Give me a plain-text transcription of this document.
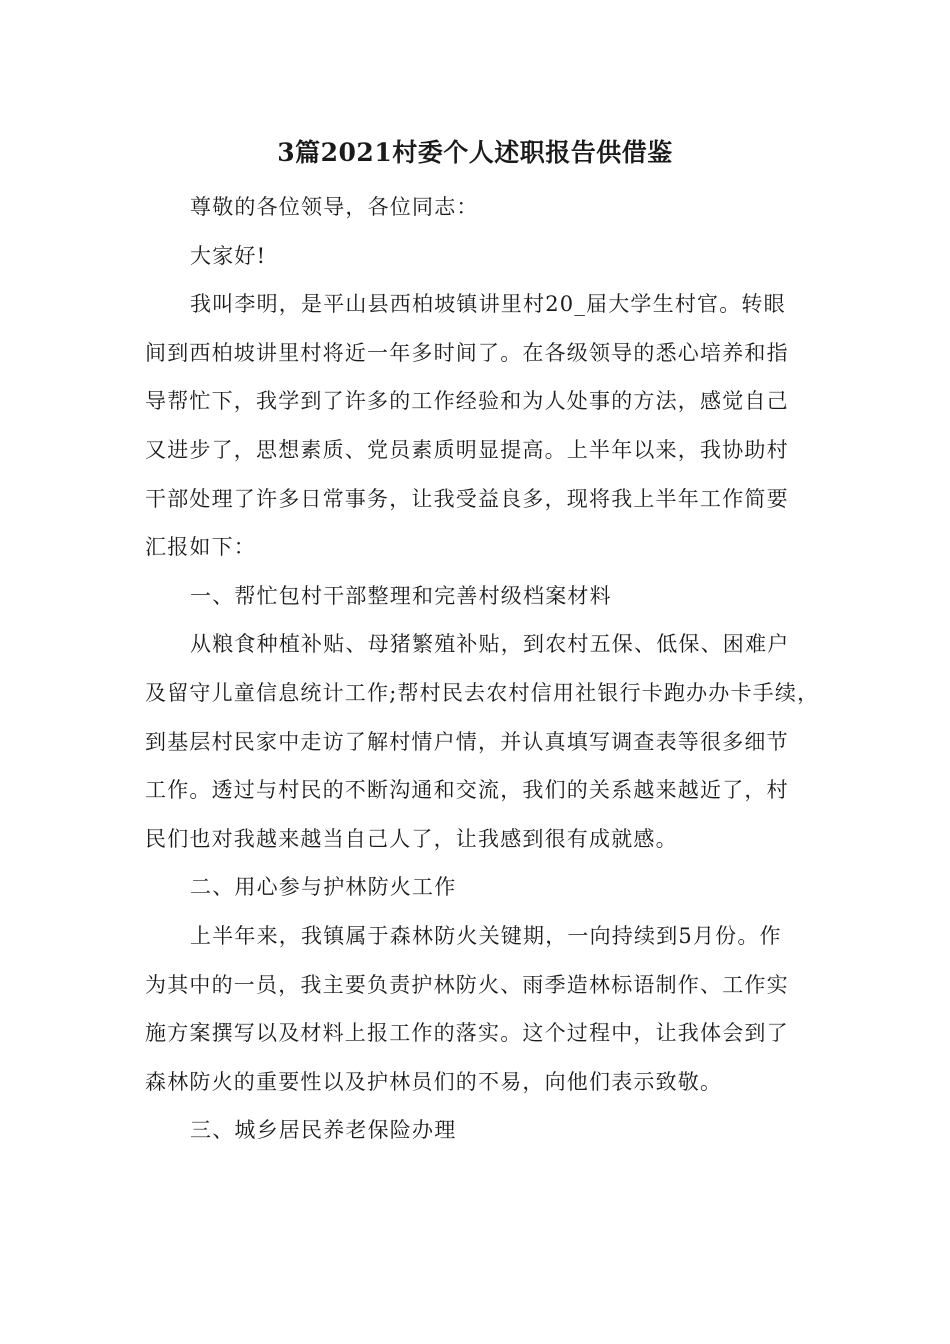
3篇2021村委个人述职报告供借鉴
尊敬的各位领导，各位同志：
大家好!
我叫李明，是平山县西柏坡镇讲里村20_届大学生村官。转眼
间到西柏坡讲里村将近一年多时间了。在各级领导的悉心培养和指
导帮忙下，我学到了许多的工作经验和为人处事的方法，感觉自己
又进步了，思想素质、党员素质明显提高。上半年以来，我协助村
干部处理了许多日常事务，让我受益良多，现将我上半年工作简要
汇报如下：
一、帮忙包村干部整理和完善村级档案材料
从粮食种植补贴、母猪繁殖补贴，到农村五保、低保、困难户
及留守儿童信息统计工作;帮村民去农村信用社银行卡跑办办卡手续，
到基层村民家中走访了解村情户情，并认真填写调查表等很多细节
工作。透过与村民的不断沟通和交流，我们的关系越来越近了，村
民们也对我越来越当自己人了，让我感到很有成就感。
二、用心参与护林防火工作
上半年来，我镇属于森林防火关键期，一向持续到5月份。作
为其中的一员，我主要负责护林防火、雨季造林标语制作、工作实
施方案撰写以及材料上报工作的落实。这个过程中，让我体会到了
森林防火的重要性以及护林员们的不易，向他们表示致敬。
三、城乡居民养老保险办理
